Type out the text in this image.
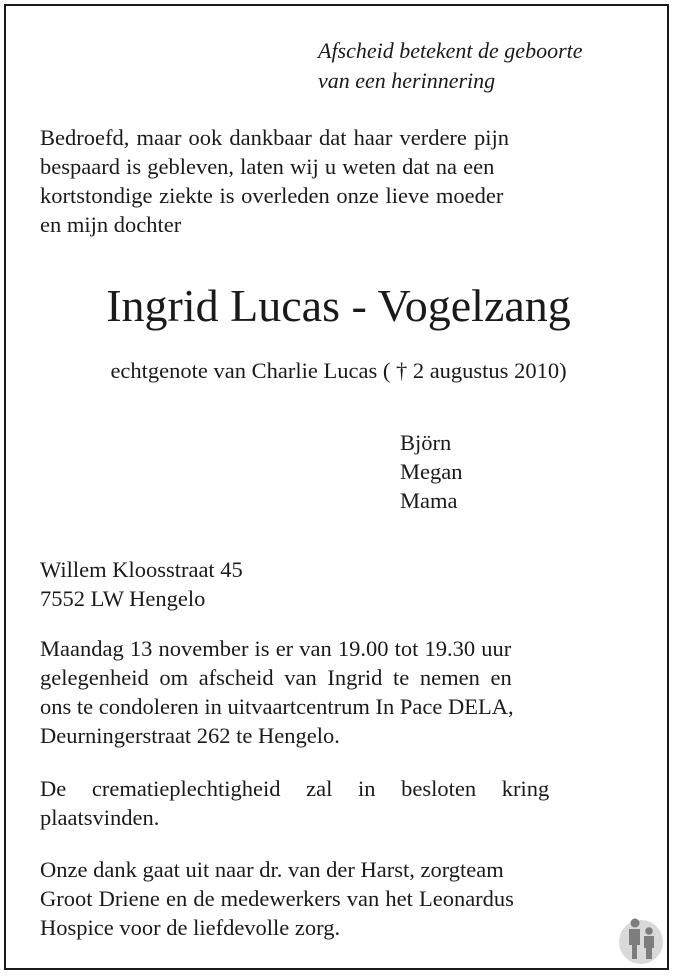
Afscheid betekent de geboorte
van een herinnering
Bedroefd, maar ook dankbaar dat haar verdere pijn
bespaard is gebleven, laten wij u weten dat na een
kortstondige ziekte is overleden onze lieve moeder
en mijn dochter
Ingrid Lucas - Vogelzang
echtgenote van Charlie Lucas ( † 2 augustus 2010)
Björn
Megan
Mama
Willem Kloosstraat 45
7552 LW Hengelo
Maandag 13 november is er van 19.00 tot 19.30 uur
gelegenheid om afscheid van Ingrid te nemen en
ons te condoleren in uitvaartcentrum In Pace DELA,
Deurningerstraat 262 te Hengelo.
De crematieplechtigheid zal in besloten kring
plaatsvinden.
Onze dank gaat uit naar dr. van der Harst, zorgteam
Groot Driene en de medewerkers van het Leonardus
Hospice voor de liefdevolle zorg.
